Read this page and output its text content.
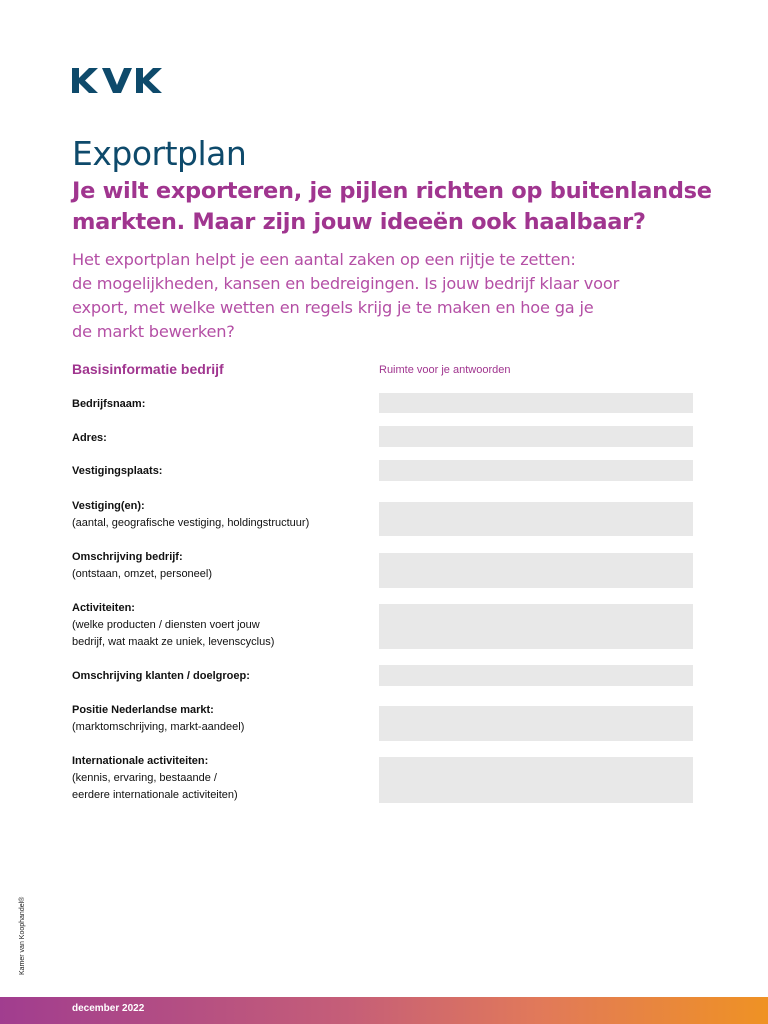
Exportplan
Je wilt exporteren, je pijlen richten op buitenlandse markten. Maar zijn jouw ideeën ook haalbaar?
Het exportplan helpt je een aantal zaken op een rijtje te zetten:
de mogelijkheden, kansen en bedreigingen. Is jouw bedrijf klaar voor
export, met welke wetten en regels krijg je te maken en hoe ga je
de markt bewerken?
Basisinformatie bedrijf	Ruimte voor je antwoorden
Bedrijfsnaam:
Adres:
Vestigingsplaats:
Vestiging(en):
(aantal, geografische vestiging, holdingstructuur)
Omschrijving bedrijf:
(ontstaan, omzet, personeel)
Activiteiten:
(welke producten / diensten voert jouw
bedrijf, wat maakt ze uniek, levenscyclus)
Omschrijving klanten / doelgroep:
Positie Nederlandse markt:
(marktomschrijving, markt-aandeel)
Internationale activiteiten:
(kennis, ervaring, bestaande /
eerdere internationale activiteiten)
Kamer van Koophandel®
december 2022
